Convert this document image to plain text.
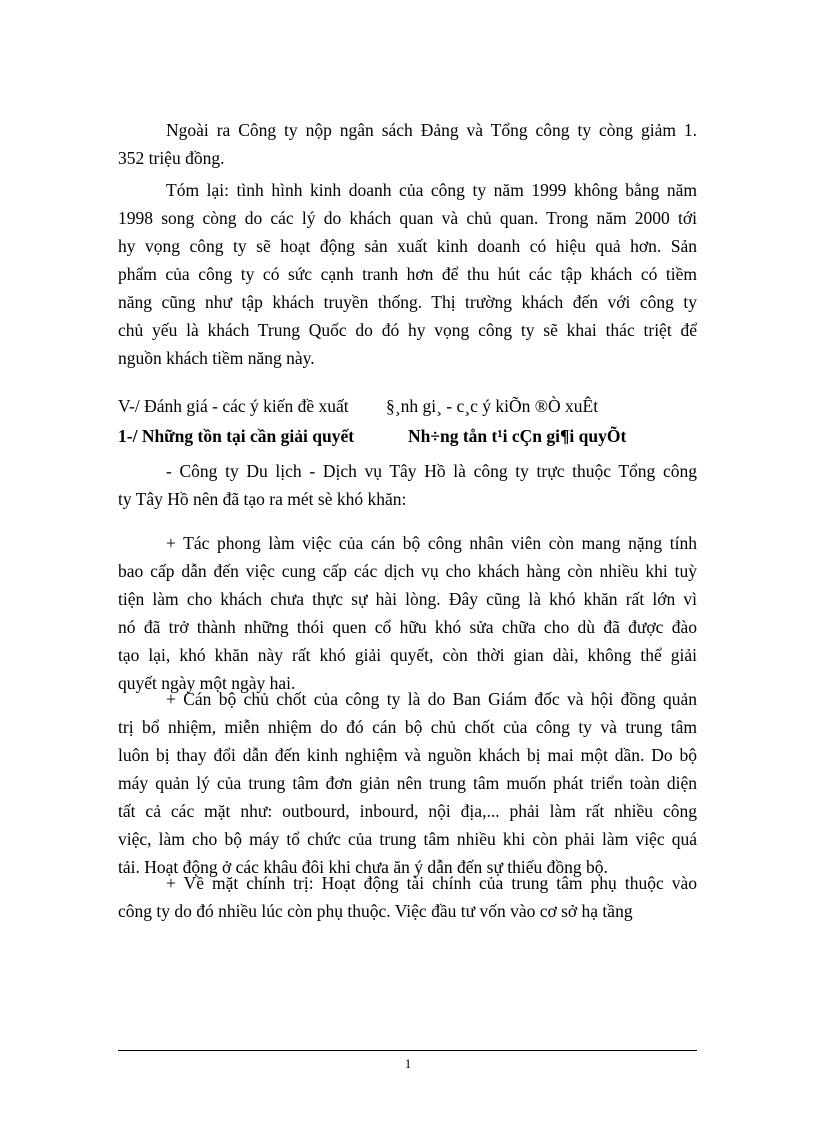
Ngoài ra Công ty nộp ngân sách Đảng và Tổng công ty còng giảm 1.
352 triệu đồng.
Tóm lại: tình hình kinh doanh của công ty năm 1999 không bằng năm
1998 song còng do các lý do khách quan và chủ quan. Trong năm 2000 tới
hy vọng công ty sẽ hoạt động sản xuất kinh doanh có hiệu quả hơn. Sản
phẩm của công ty có sức cạnh tranh hơn để thu hút các tập khách có tiềm
năng cũng như tập khách truyền thống. Thị trường khách đến với công ty
chủ yếu là khách Trung Quốc do đó hy vọng công ty sẽ khai thác triệt để
nguồn khách tiềm năng này.
V-/ Đánh giá - các ý kiến đề xuất §¸nh gi¸ - c¸c ý kiÕn ®Ò xuÊt
1-/ Những tồn tại cần giải quyết	Nh÷ng tån t¹i cÇn gi¶i quyÕt
- Công ty Du lịch - Dịch vụ Tây Hồ là công ty trực thuộc Tổng công
ty Tây Hồ nên đã tạo ra mét sè khó khăn:
+ Tác phong làm việc của cán bộ công nhân viên còn mang nặng tính
bao cấp dẫn đến việc cung cấp các dịch vụ cho khách hàng còn nhiều khi tuỳ
tiện làm cho khách chưa thực sự hài lòng. Đây cũng là khó khăn rất lớn vì
nó đã trở thành những thói quen cổ hữu khó sửa chữa cho dù đã được đào
tạo lại, khó khăn này rất khó giải quyết, còn thời gian dài, không thể giải
quyết ngày một ngày hai.
+ Cán bộ chủ chốt của công ty là do Ban Giám đốc và hội đồng quản
trị bổ nhiệm, miễn nhiệm do đó cán bộ chủ chốt của công ty và trung tâm
luôn bị thay đổi dẫn đến kinh nghiệm và nguồn khách bị mai một dần. Do bộ
máy quản lý của trung tâm đơn giản nên trung tâm muốn phát triển toàn diện
tất cả các mặt như: outbourd, inbourd, nội địa,... phải làm rất nhiều công
việc, làm cho bộ máy tổ chức của trung tâm nhiều khi còn phải làm việc quá
tải. Hoạt động ở các khâu đôi khi chưa ăn ý dẫn đến sự thiếu đồng bộ.
+ Về mặt chính trị: Hoạt động tài chính của trung tâm phụ thuộc vào
công ty do đó nhiều lúc còn phụ thuộc. Việc đầu tư vốn vào cơ sở hạ tầng
1
